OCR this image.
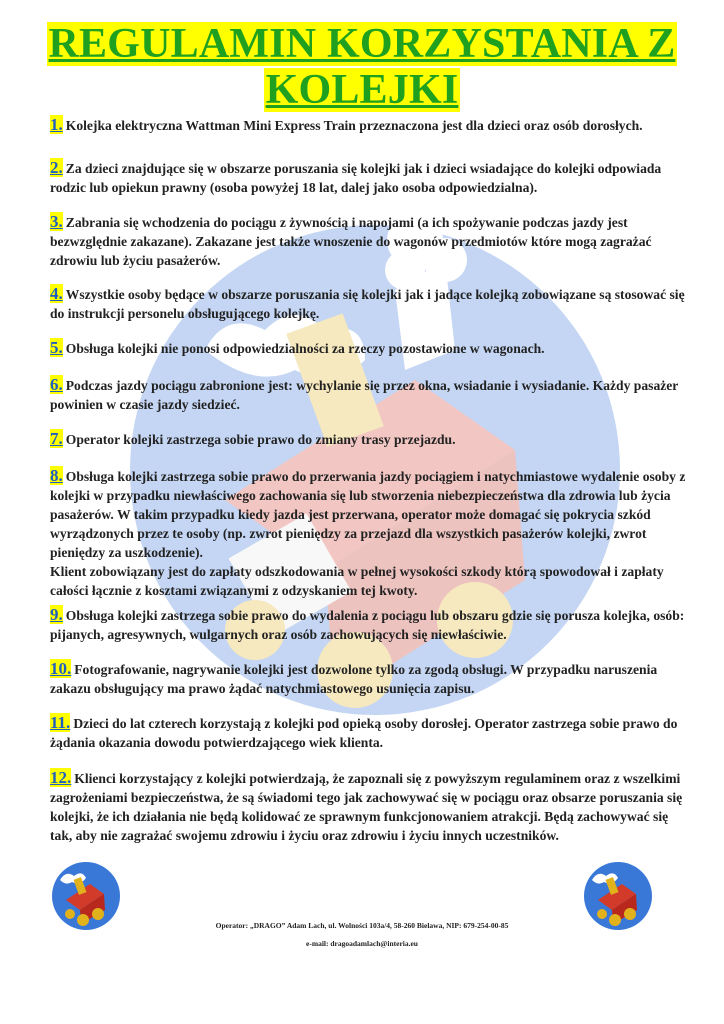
REGULAMIN KORZYSTANIA Z
KOLEJKI
1. Kolejka elektryczna Wattman Mini Express Train przeznaczona jest dla dzieci oraz osób dorosłych.
2. Za dzieci znajdujące się w obszarze poruszania się kolejki jak i dzieci wsiadające do kolejki odpowiada rodzic lub opiekun prawny (osoba powyżej 18 lat, dalej jako osoba odpowiedzialna).
3. Zabrania się wchodzenia do pociągu z żywnością i napojami (a ich spożywanie podczas jazdy jest bezwzględnie zakazane). Zakazane jest także wnoszenie do wagonów przedmiotów które mogą zagrażać zdrowiu lub życiu pasażerów.
4. Wszystkie osoby będące w obszarze poruszania się kolejki jak i jadące kolejką zobowiązane są stosować się do instrukcji personelu obsługującego kolejkę.
5. Obsługa kolejki nie ponosi odpowiedzialności za rzeczy pozostawione w wagonach.
6. Podczas jazdy pociągu zabronione jest: wychylanie się przez okna, wsiadanie i wysiadanie. Każdy pasażer powinien w czasie jazdy siedzieć.
7. Operator kolejki zastrzega sobie prawo do zmiany trasy przejazdu.
8. Obsługa kolejki zastrzega sobie prawo do przerwania jazdy pociągiem i natychmiastowe wydalenie osoby z kolejki w przypadku niewłaściwego zachowania się lub stworzenia niebezpieczeństwa dla zdrowia lub życia pasażerów. W takim przypadku kiedy jazda jest przerwana, operator może domagać się pokrycia szkód wyrządzonych przez te osoby (np. zwrot pieniędzy za przejazd dla wszystkich pasażerów kolejki, zwrot pieniędzy za uszkodzenie).
Klient zobowiązany jest do zapłaty odszkodowania w pełnej wysokości szkody którą spowodował i zapłaty całości łącznie z kosztami związanymi z odzyskaniem tej kwoty.
9. Obsługa kolejki zastrzega sobie prawo do wydalenia z pociągu lub obszaru gdzie się porusza kolejka, osób: pijanych, agresywnych, wulgarnych oraz osób zachowujących się niewłaściwie.
10. Fotografowanie, nagrywanie kolejki jest dozwolone tylko za zgodą obsługi. W przypadku naruszenia zakazu obsługujący ma prawo żądać natychmiastowego usunięcia zapisu.
11. Dzieci do lat czterech korzystają z kolejki pod opieką osoby dorosłej. Operator zastrzega sobie prawo do żądania okazania dowodu potwierdzającego wiek klienta.
12. Klienci korzystający z kolejki potwierdzają, że zapoznali się z powyższym regulaminem oraz z wszelkimi zagrożeniami bezpieczeństwa, że są świadomi tego jak zachowywać się w pociągu oraz obsarze poruszania się kolejki, że ich działania nie będą kolidować ze sprawnym funkcjonowaniem atrakcji. Będą zachowywać się tak, aby nie zagrażać swojemu zdrowiu i życiu oraz zdrowiu i życiu innych uczestników.
Operator: „DRAGO” Adam Lach, ul. Wolności 103a/4, 58-260 Bielawa, NIP: 679-254-00-85
e-mail: dragoadamlach@interia.eu
